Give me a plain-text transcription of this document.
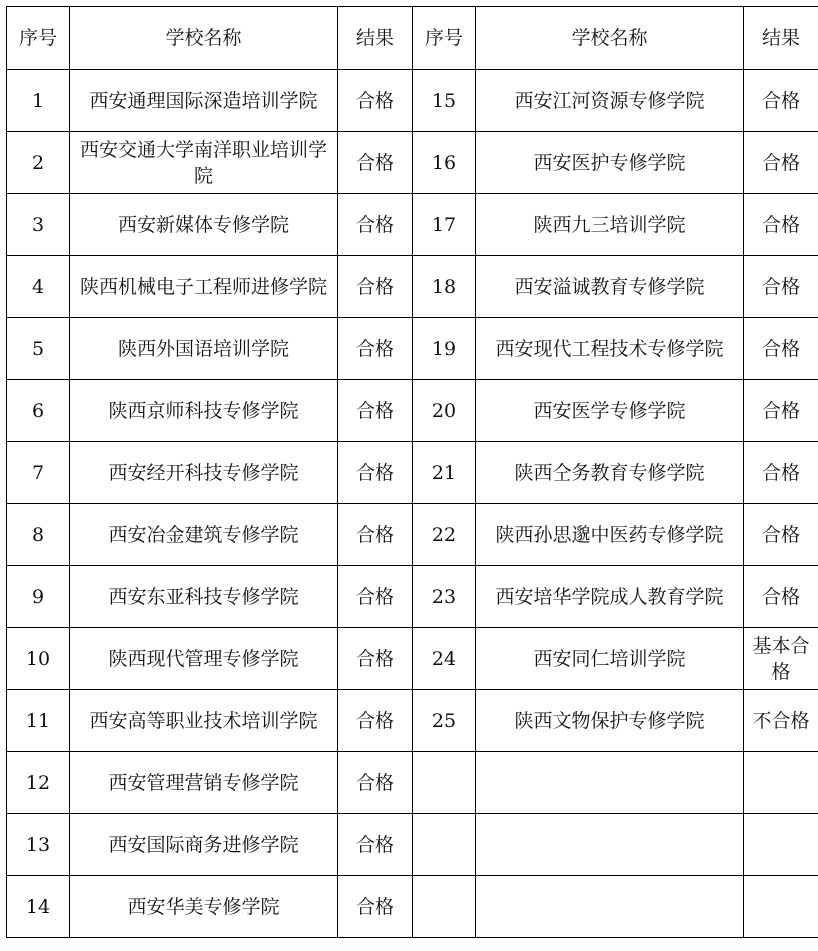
序号	学校名称	结果	序号	学校名称	结果
1	西安通理国际深造培训学院	合格	15	西安江河资源专修学院	合格
2	西安交通大学南洋职业培训学院	合格	16	西安医护专修学院	合格
3	西安新媒体专修学院	合格	17	陕西九三培训学院	合格
4	陕西机械电子工程师进修学院	合格	18	西安溢诚教育专修学院	合格
5	陕西外国语培训学院	合格	19	西安现代工程技术专修学院	合格
6	陕西京师科技专修学院	合格	20	西安医学专修学院	合格
7	西安经开科技专修学院	合格	21	陕西仝务教育专修学院	合格
8	西安冶金建筑专修学院	合格	22	陕西孙思邈中医药专修学院	合格
9	西安东亚科技专修学院	合格	23	西安培华学院成人教育学院	合格
10	陕西现代管理专修学院	合格	24	西安同仁培训学院	基本合格
11	西安高等职业技术培训学院	合格	25	陕西文物保护专修学院	不合格
12	西安管理营销专修学院	合格			
13	西安国际商务进修学院	合格			
14	西安华美专修学院	合格			
